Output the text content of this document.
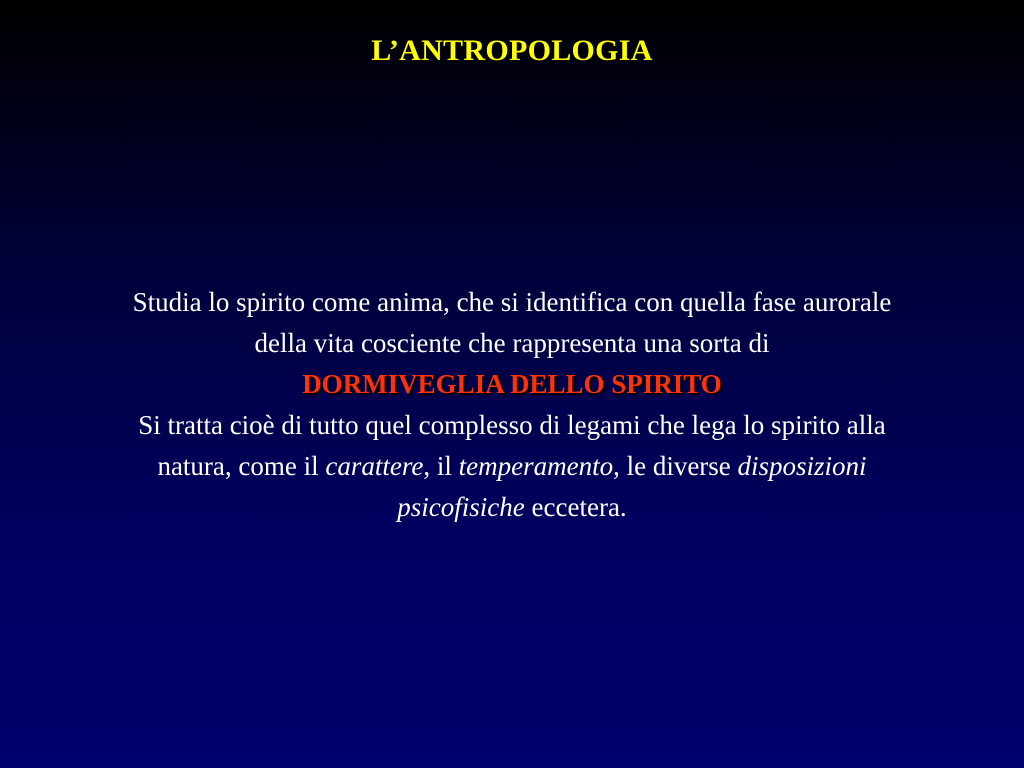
L’ANTROPOLOGIA
Studia lo spirito come anima, che si identifica con quella fase aurorale
della vita cosciente che rappresenta una sorta di
DORMIVEGLIA DELLO SPIRITO
Si tratta cioè di tutto quel complesso di legami che lega lo spirito alla
natura, come il carattere, il temperamento, le diverse disposizioni
psicofisiche eccetera.
